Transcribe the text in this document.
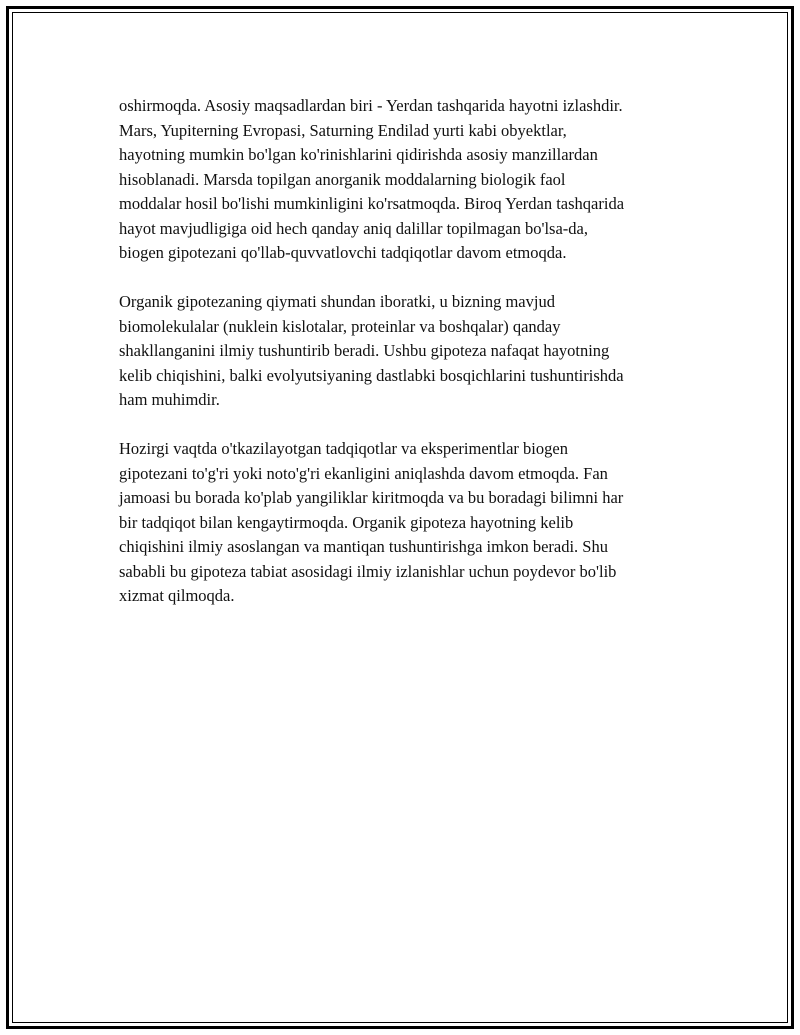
oshirmoqda. Asosiy maqsadlardan biri - Yerdan tashqarida hayotni izlashdir.
Mars, Yupiterning Evropasi, Saturning Endilad yurti kabi obyektlar,
hayotning mumkin bo'lgan ko'rinishlarini qidirishda asosiy manzillardan
hisoblanadi. Marsda topilgan anorganik moddalarning biologik faol
moddalar hosil bo'lishi mumkinligini ko'rsatmoqda. Biroq Yerdan tashqarida
hayot mavjudligiga oid hech qanday aniq dalillar topilmagan bo'lsa-da,
biogen gipotezani qo'llab-quvvatlovchi tadqiqotlar davom etmoqda.

Organik gipotezaning qiymati shundan iboratki, u bizning mavjud
biomolekulalar (nuklein kislotalar, proteinlar va boshqalar) qanday
shakllanganini ilmiy tushuntirib beradi. Ushbu gipoteza nafaqat hayotning
kelib chiqishini, balki evolyutsiyaning dastlabki bosqichlarini tushuntirishda
ham muhimdir.

Hozirgi vaqtda o'tkazilayotgan tadqiqotlar va eksperimentlar biogen
gipotezani to'g'ri yoki noto'g'ri ekanligini aniqlashda davom etmoqda. Fan
jamoasi bu borada ko'plab yangiliklar kiritmoqda va bu boradagi bilimni har
bir tadqiqot bilan kengaytirmoqda. Organik gipoteza hayotning kelib
chiqishini ilmiy asoslangan va mantiqan tushuntirishga imkon beradi. Shu
sababli bu gipoteza tabiat asosidagi ilmiy izlanishlar uchun poydevor bo'lib
xizmat qilmoqda.
